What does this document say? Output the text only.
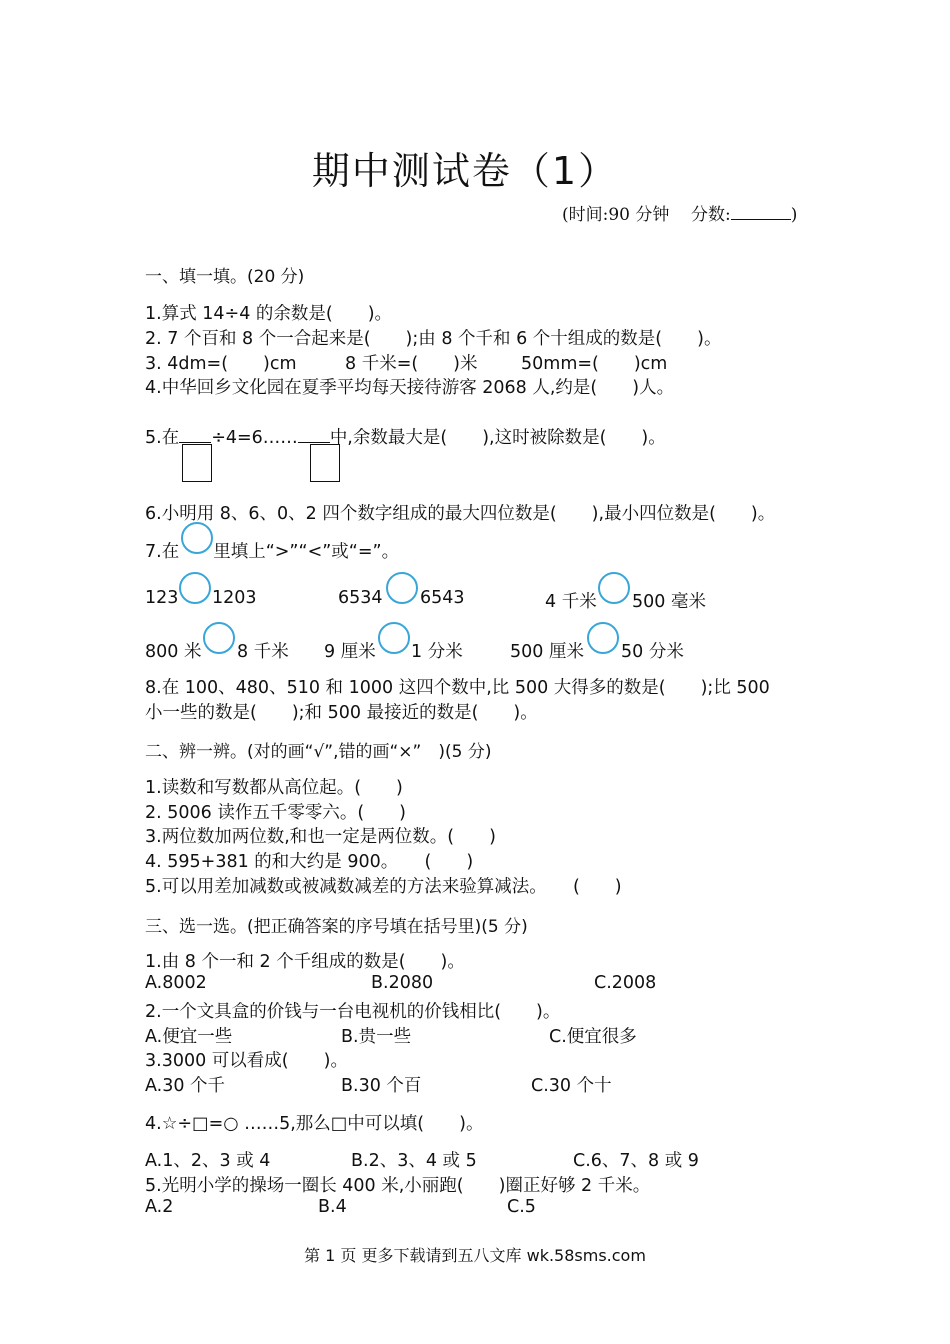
期中测试卷（1）
(时间:90 分钟 分数:	)
一、填一填。(20 分)
1.算式 14÷4 的余数是(　　)。
2. 7 个百和 8 个一合起来是(　　);由 8 个千和 6 个十组成的数是(　　)。
3. 4dm=(　　)cm	8 千米=(　　)米 50mm=(　　)cm
4.中华回乡文化园在夏季平均每天接待游客 2068 人,约是(　　)人。
5.在 ÷4=6…… 中,余数最大是(　　),这时被除数是(　　)。
6.小明用 8、6、0、2 四个数字组成的最大四位数是(　　),最小四位数是(　　)。
7.在 里填上“>”“<”或“=”。
123 1203	6534 6543	4 千米 500 毫米
800 米 8 千米 9 厘米 1 分米	500 厘米 50 分米
8.在 100、480、510 和 1000 这四个数中,比 500 大得多的数是(　　);比 500
小一些的数是(　　);和 500 最接近的数是(　　)。
二、辨一辨。(对的画“√”,错的画“×”　)(5 分)
1.读数和写数都从高位起。(　　)
2. 5006 读作五千零零六。(　　)
3.两位数加两位数,和也一定是两位数。(　　)
4. 595+381 的和大约是 900。　　(　　)
5.可以用差加减数或被减数减差的方法来验算减法。　　(　　)
三、选一选。(把正确答案的序号填在括号里)(5 分)
1.由 8 个一和 2 个千组成的数是(　　)。
A.8002	B.2080	C.2008
2.一个文具盒的价钱与一台电视机的价钱相比(　　)。
A.便宜一些	B.贵一些	C.便宜很多
3.3000 可以看成(　　)。
A.30 个千	B.30 个百	C.30 个十
4.☆÷□=○ ……5,那么□中可以填(　　)。
A.1、2、3 或 4	B.2、3、4 或 5	C.6、7、8 或 9
5.光明小学的操场一圈长 400 米,小丽跑(　　)圈正好够 2 千米。
A.2	B.4	C.5
第 1 页 更多下载请到五八文库 wk.58sms.com
